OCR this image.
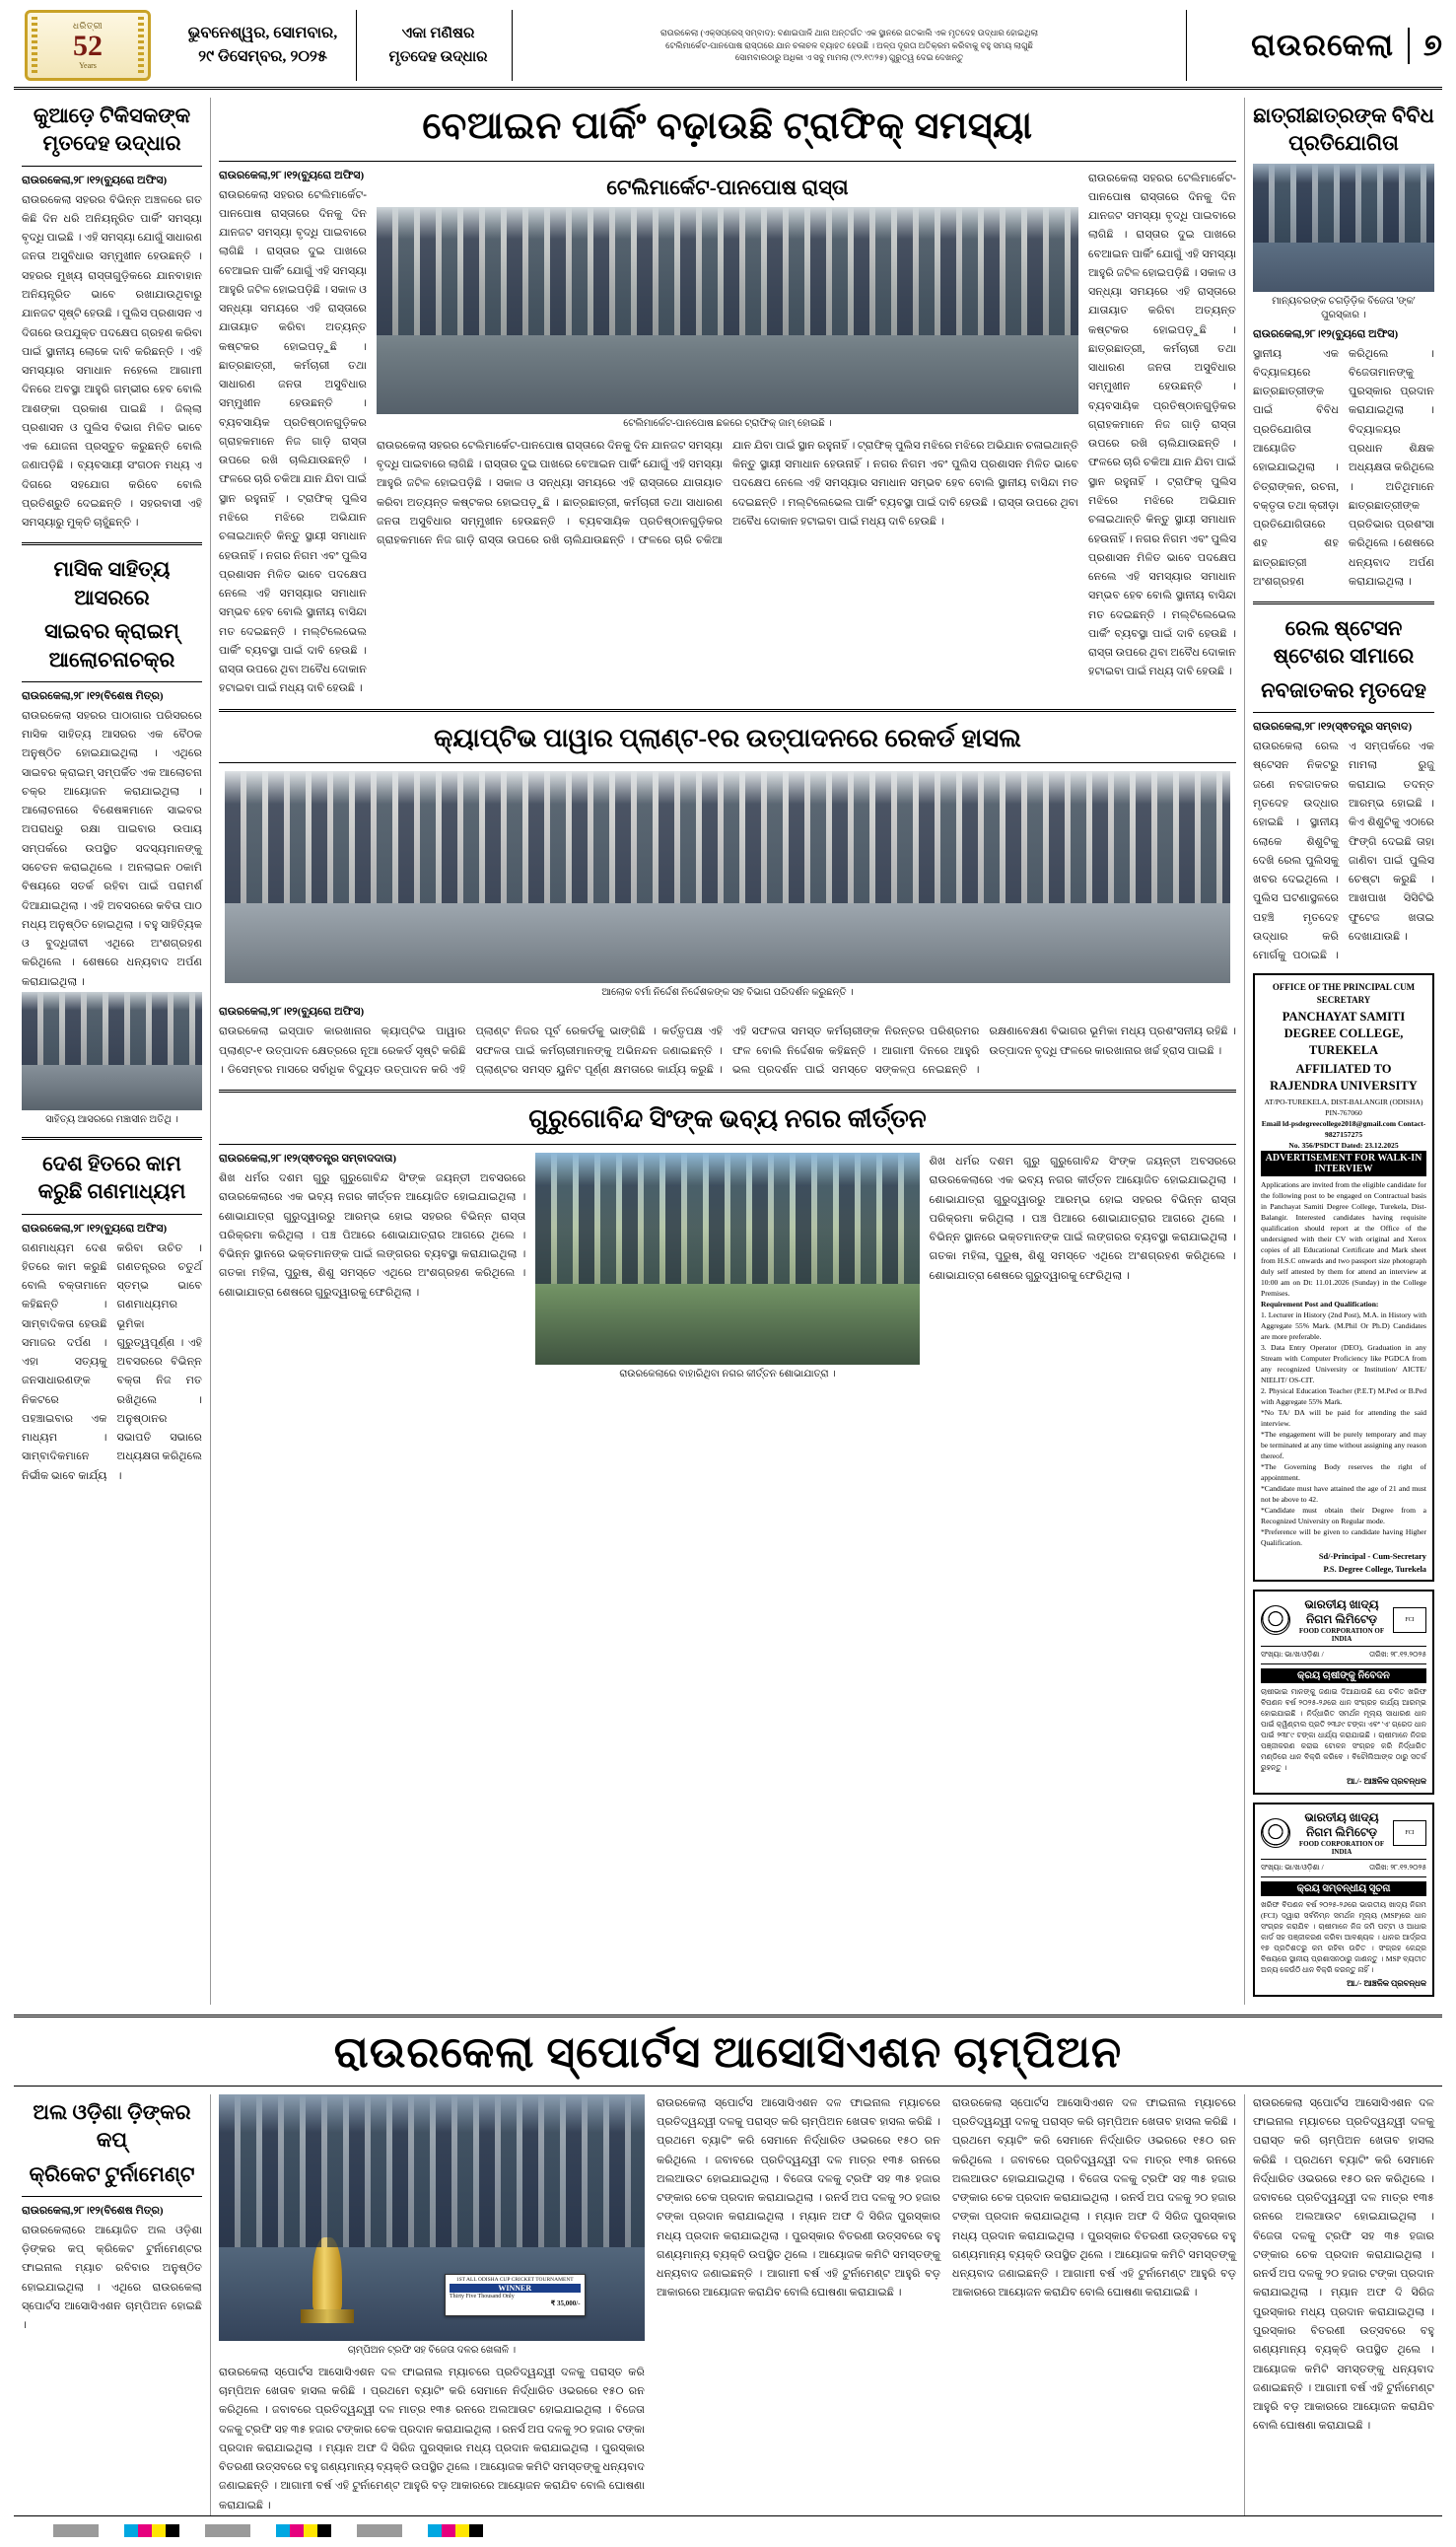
ଧରିତ୍ରୀ
52
Years
ଭୁବନେଶ୍ୱର, ସୋମବାର,
୨୯ ଡିସେମ୍ବର, ୨୦୨୫
ଏକା ମଣିଷର
ମୃତଦେହ ଉଦ୍ଧାର
ରାଉରକେଲା (ଏକ୍ସପ୍ରେସ୍ ସମ୍ବାଦ): ବଣାଇପାଳି ଥାନା ଅନ୍ତର୍ଗତ ଏକ ସ୍ଥାନରେ ଗତକାଲି ଏକ ମୃତଦେହ ଉଦ୍ଧାର ହୋଇଥିଲା
ଟେଲିମାର୍କେଟ-ପାନପୋଷ ରାସ୍ତାରେ ଯାନ ଚଳାଚଳ ବ୍ୟାହତ ହେଉଛି । ଅଳ୍ପ ଦୂରତା ଅତିକ୍ରମ କରିବାକୁ ବହୁ ସମୟ ଲାଗୁଛି
ସୋମବାରଠାରୁ ଅଧିକା ଏ ସବୁ ମାମଲା (୯୨.୧୯/୨୫) ଗୁରୁତ୍ୱ ଦେଇ ଦେଖନ୍ତୁ	ରାଉରକେଲା ୭
କୁଆଡ଼େ ଟିକିସକଙ୍କ ମୃତଦେହ ଉଦ୍ଧାର
ରାଉରକେଲା,୨୮।୧୨(ବ୍ୟୁରୋ ଅଫିସ)
ରାଉରକେଲା ସହରର ବିଭିନ୍ନ ଅଞ୍ଚଳରେ ଗତ କିଛି ଦିନ ଧରି ଅନିୟନ୍ତ୍ରିତ ପାର୍କିଂ ସମସ୍ୟା ବୃଦ୍ଧି ପାଇଛି । ଏହି ସମସ୍ୟା ଯୋଗୁଁ ସାଧାରଣ ଜନତା ଅସୁବିଧାର ସମ୍ମୁଖୀନ ହେଉଛନ୍ତି । ସହରର ମୁଖ୍ୟ ରାସ୍ତାଗୁଡ଼ିକରେ ଯାନବାହାନ ଅନିୟନ୍ତ୍ରିତ ଭାବେ ରଖାଯାଉଥିବାରୁ ଯାନଜଟ ସୃଷ୍ଟି ହେଉଛି । ପୁଲିସ ପ୍ରଶାସନ ଏ ଦିଗରେ ଉପଯୁକ୍ତ ପଦକ୍ଷେପ ଗ୍ରହଣ କରିବା ପାଇଁ ସ୍ଥାନୀୟ ଲୋକେ ଦାବି କରିଛନ୍ତି । ଏହି ସମସ୍ୟାର ସମାଧାନ ନହେଲେ ଆଗାମୀ ଦିନରେ ଅବସ୍ଥା ଆହୁରି ଗମ୍ଭୀର ହେବ ବୋଲି ଆଶଙ୍କା ପ୍ରକାଶ ପାଇଛି । ଜିଲ୍ଲା ପ୍ରଶାସନ ଓ ପୁଲିସ ବିଭାଗ ମିଳିତ ଭାବେ ଏକ ଯୋଜନା ପ୍ରସ୍ତୁତ କରୁଛନ୍ତି ବୋଲି ଜଣାପଡ଼ିଛି । ବ୍ୟବସାୟୀ ସଂଗଠନ ମଧ୍ୟ ଏ ଦିଗରେ ସହଯୋଗ କରିବେ ବୋଲି ପ୍ରତିଶ୍ରୁତି ଦେଇଛନ୍ତି । ସହରବାସୀ ଏହି ସମସ୍ୟାରୁ ମୁକ୍ତି ଚାହୁଁଛନ୍ତି ।
ମାସିକ ସାହିତ୍ୟ ଆସରରେ
ସାଇବର କ୍ରାଇମ୍ ଆଲୋଚନାଚକ୍ର
ରାଉରକେଲା,୨୮।୧୨(ବିଶେଷ ମିତ୍ର)
ରାଉରକେଲା ସହରର ପାଠାଗାର ପରିସରରେ ମାସିକ ସାହିତ୍ୟ ଆସରର ଏକ ବୈଠକ ଅନୁଷ୍ଠିତ ହୋଇଯାଇଥିଲା । ଏଥିରେ ସାଇବର କ୍ରାଇମ୍ ସମ୍ପର୍କିତ ଏକ ଆଲୋଚନା ଚକ୍ର ଆୟୋଜନ କରାଯାଇଥିଲା । ଆଲୋଚନାରେ ବିଶେଷଜ୍ଞମାନେ ସାଇବର ଅପରାଧରୁ ରକ୍ଷା ପାଇବାର ଉପାୟ ସମ୍ପର୍କରେ ଉପସ୍ଥିତ ସଦସ୍ୟମାନଙ୍କୁ ସଚେତନ କରାଇଥିଲେ । ଅନଲାଇନ ଠକାମି ବିଷୟରେ ସତର୍କ ରହିବା ପାଇଁ ପରାମର୍ଶ ଦିଆଯାଇଥିଲା । ଏହି ଅବସରରେ କବିତା ପାଠ ମଧ୍ୟ ଅନୁଷ୍ଠିତ ହୋଇଥିଲା । ବହୁ ସାହିତ୍ୟିକ ଓ ବୁଦ୍ଧିଜୀବୀ ଏଥିରେ ଅଂଶଗ୍ରହଣ କରିଥିଲେ । ଶେଷରେ ଧନ୍ୟବାଦ ଅର୍ପଣ କରାଯାଇଥିଲା ।
ସାହିତ୍ୟ ଆସରରେ ମଞ୍ଚାସୀନ ଅତିଥି ।
ଦେଶ ହିତରେ କାମ କରୁଛି ଗଣମାଧ୍ୟମ
ରାଉରକେଲା,୨୮।୧୨(ବ୍ୟୁରୋ ଅଫିସ)
ଗଣମାଧ୍ୟମ ଦେଶ ହିତରେ କାମ କରୁଛି ବୋଲି ବକ୍ତାମାନେ କହିଛନ୍ତି । ସାମ୍ବାଦିକତା ହେଉଛି ସମାଜର ଦର୍ପଣ । ଏହା ସତ୍ୟକୁ ଜନସାଧାରଣଙ୍କ ନିକଟରେ ପହଞ୍ଚାଇବାର ଏକ ମାଧ୍ୟମ । ସାମ୍ବାଦିକମାନେ ନିର୍ଭୀକ ଭାବେ କାର୍ଯ୍ୟ କରିବା ଉଚିତ । ଗଣତନ୍ତ୍ରର ଚତୁର୍ଥ ସ୍ତମ୍ଭ ଭାବେ ଗଣମାଧ୍ୟମର ଭୂମିକା ଗୁରୁତ୍ୱପୂର୍ଣ୍ଣ । ଏହି ଅବସରରେ ବିଭିନ୍ନ ବକ୍ତା ନିଜ ମତ ରଖିଥିଲେ । ଅନୁଷ୍ଠାନର ସଭାପତି ସଭାରେ ଅଧ୍ୟକ୍ଷତା କରିଥିଲେ ।
ବେଆଇନ ପାର୍କିଂ ବଢ଼ାଉଛି ଟ୍ରାଫିକ୍ ସମସ୍ୟା
ରାଉରକେଲା,୨୮।୧୨(ବ୍ୟୁରୋ ଅଫିସ)
ରାଉରକେଲା ସହରର ଟେଲିମାର୍କେଟ-ପାନପୋଷ ରାସ୍ତାରେ ଦିନକୁ ଦିନ ଯାନଜଟ ସମସ୍ୟା ବୃଦ୍ଧି ପାଇବାରେ ଲାଗିଛି । ରାସ୍ତାର ଦୁଇ ପାଖରେ ବେଆଇନ ପାର୍କିଂ ଯୋଗୁଁ ଏହି ସମସ୍ୟା ଆହୁରି ଜଟିଳ ହୋଇପଡ଼ିଛି । ସକାଳ ଓ ସନ୍ଧ୍ୟା ସମୟରେ ଏହି ରାସ୍ତାରେ ଯାତାୟାତ କରିବା ଅତ୍ୟନ୍ତ କଷ୍ଟକର ହୋଇପଡ଼ୁଛି । ଛାତ୍ରଛାତ୍ରୀ, କର୍ମଚାରୀ ତଥା ସାଧାରଣ ଜନତା ଅସୁବିଧାର ସମ୍ମୁଖୀନ ହେଉଛନ୍ତି । ବ୍ୟବସାୟିକ ପ୍ରତିଷ୍ଠାନଗୁଡ଼ିକର ଗ୍ରାହକମାନେ ନିଜ ଗାଡ଼ି ରାସ୍ତା ଉପରେ ରଖି ଚାଲିଯାଉଛନ୍ତି । ଫଳରେ ଚାରି ଚକିଆ ଯାନ ଯିବା ପାଇଁ ସ୍ଥାନ ରହୁନାହିଁ । ଟ୍ରାଫିକ୍ ପୁଲିସ ମଝିରେ ମଝିରେ ଅଭିଯାନ ଚଳାଇଥାନ୍ତି କିନ୍ତୁ ସ୍ଥାୟୀ ସମାଧାନ ହେଉନାହିଁ । ନଗର ନିଗମ ଏବଂ ପୁଲିସ ପ୍ରଶାସନ ମିଳିତ ଭାବେ ପଦକ୍ଷେପ ନେଲେ ଏହି ସମସ୍ୟାର ସମାଧାନ ସମ୍ଭବ ହେବ ବୋଲି ସ୍ଥାନୀୟ ବାସିନ୍ଦା ମତ ଦେଇଛନ୍ତି । ମଲ୍ଟିଲେଭେଲ ପାର୍କିଂ ବ୍ୟବସ୍ଥା ପାଇଁ ଦାବି ହେଉଛି । ରାସ୍ତା ଉପରେ ଥିବା ଅବୈଧ ଦୋକାନ ହଟାଇବା ପାଇଁ ମଧ୍ୟ ଦାବି ହେଉଛି ।
ଟେଲିମାର୍କେଟ-ପାନପୋଷ ରାସ୍ତା
ଟେଲିମାର୍କେଟ-ପାନପୋଷ ଛକରେ ଟ୍ରାଫିକ୍ ଜାମ୍ ହୋଇଛି ।
ରାଉରକେଲା ସହରର ଟେଲିମାର୍କେଟ-ପାନପୋଷ ରାସ୍ତାରେ ଦିନକୁ ଦିନ ଯାନଜଟ ସମସ୍ୟା ବୃଦ୍ଧି ପାଇବାରେ ଲାଗିଛି । ରାସ୍ତାର ଦୁଇ ପାଖରେ ବେଆଇନ ପାର୍କିଂ ଯୋଗୁଁ ଏହି ସମସ୍ୟା ଆହୁରି ଜଟିଳ ହୋଇପଡ଼ିଛି । ସକାଳ ଓ ସନ୍ଧ୍ୟା ସମୟରେ ଏହି ରାସ୍ତାରେ ଯାତାୟାତ କରିବା ଅତ୍ୟନ୍ତ କଷ୍ଟକର ହୋଇପଡ଼ୁଛି । ଛାତ୍ରଛାତ୍ରୀ, କର୍ମଚାରୀ ତଥା ସାଧାରଣ ଜନତା ଅସୁବିଧାର ସମ୍ମୁଖୀନ ହେଉଛନ୍ତି । ବ୍ୟବସାୟିକ ପ୍ରତିଷ୍ଠାନଗୁଡ଼ିକର ଗ୍ରାହକମାନେ ନିଜ ଗାଡ଼ି ରାସ୍ତା ଉପରେ ରଖି ଚାଲିଯାଉଛନ୍ତି । ଫଳରେ ଚାରି ଚକିଆ ଯାନ ଯିବା ପାଇଁ ସ୍ଥାନ ରହୁନାହିଁ । ଟ୍ରାଫିକ୍ ପୁଲିସ ମଝିରେ ମଝିରେ ଅଭିଯାନ ଚଳାଇଥାନ୍ତି କିନ୍ତୁ ସ୍ଥାୟୀ ସମାଧାନ ହେଉନାହିଁ । ନଗର ନିଗମ ଏବଂ ପୁଲିସ ପ୍ରଶାସନ ମିଳିତ ଭାବେ ପଦକ୍ଷେପ ନେଲେ ଏହି ସମସ୍ୟାର ସମାଧାନ ସମ୍ଭବ ହେବ ବୋଲି ସ୍ଥାନୀୟ ବାସିନ୍ଦା ମତ ଦେଇଛନ୍ତି । ମଲ୍ଟିଲେଭେଲ ପାର୍କିଂ ବ୍ୟବସ୍ଥା ପାଇଁ ଦାବି ହେଉଛି । ରାସ୍ତା ଉପରେ ଥିବା ଅବୈଧ ଦୋକାନ ହଟାଇବା ପାଇଁ ମଧ୍ୟ ଦାବି ହେଉଛି ।
ରାଉରକେଲା ସହରର ଟେଲିମାର୍କେଟ-ପାନପୋଷ ରାସ୍ତାରେ ଦିନକୁ ଦିନ ଯାନଜଟ ସମସ୍ୟା ବୃଦ୍ଧି ପାଇବାରେ ଲାଗିଛି । ରାସ୍ତାର ଦୁଇ ପାଖରେ ବେଆଇନ ପାର୍କିଂ ଯୋଗୁଁ ଏହି ସମସ୍ୟା ଆହୁରି ଜଟିଳ ହୋଇପଡ଼ିଛି । ସକାଳ ଓ ସନ୍ଧ୍ୟା ସମୟରେ ଏହି ରାସ୍ତାରେ ଯାତାୟାତ କରିବା ଅତ୍ୟନ୍ତ କଷ୍ଟକର ହୋଇପଡ଼ୁଛି । ଛାତ୍ରଛାତ୍ରୀ, କର୍ମଚାରୀ ତଥା ସାଧାରଣ ଜନତା ଅସୁବିଧାର ସମ୍ମୁଖୀନ ହେଉଛନ୍ତି । ବ୍ୟବସାୟିକ ପ୍ରତିଷ୍ଠାନଗୁଡ଼ିକର ଗ୍ରାହକମାନେ ନିଜ ଗାଡ଼ି ରାସ୍ତା ଉପରେ ରଖି ଚାଲିଯାଉଛନ୍ତି । ଫଳରେ ଚାରି ଚକିଆ ଯାନ ଯିବା ପାଇଁ ସ୍ଥାନ ରହୁନାହିଁ । ଟ୍ରାଫିକ୍ ପୁଲିସ ମଝିରେ ମଝିରେ ଅଭିଯାନ ଚଳାଇଥାନ୍ତି କିନ୍ତୁ ସ୍ଥାୟୀ ସମାଧାନ ହେଉନାହିଁ । ନଗର ନିଗମ ଏବଂ ପୁଲିସ ପ୍ରଶାସନ ମିଳିତ ଭାବେ ପଦକ୍ଷେପ ନେଲେ ଏହି ସମସ୍ୟାର ସମାଧାନ ସମ୍ଭବ ହେବ ବୋଲି ସ୍ଥାନୀୟ ବାସିନ୍ଦା ମତ ଦେଇଛନ୍ତି । ମଲ୍ଟିଲେଭେଲ ପାର୍କିଂ ବ୍ୟବସ୍ଥା ପାଇଁ ଦାବି ହେଉଛି । ରାସ୍ତା ଉପରେ ଥିବା ଅବୈଧ ଦୋକାନ ହଟାଇବା ପାଇଁ ମଧ୍ୟ ଦାବି ହେଉଛି ।
କ୍ୟାପ୍ଟିଭ ପାୱାର ପ୍ଲାଣ୍ଟ-୧ର ଉତ୍ପାଦନରେ ରେକର୍ଡ ହାସଲ
ଆଲୋକ ବର୍ମା ନିର୍ଦ୍ଦେଶ ନିର୍ଦ୍ଦେଶକଙ୍କ ସହ ବିଭାଗ ପରିଦର୍ଶନ କରୁଛନ୍ତି ।
ରାଉରକେଲା,୨୮।୧୨(ବ୍ୟୁରୋ ଅଫିସ)
ରାଉରକେଲା ଇସ୍ପାତ କାରଖାନାର କ୍ୟାପ୍ଟିଭ ପାୱାର ପ୍ଲାଣ୍ଟ-୧ ଉତ୍ପାଦନ କ୍ଷେତ୍ରରେ ନୂଆ ରେକର୍ଡ ସୃଷ୍ଟି କରିଛି । ଡିସେମ୍ବର ମାସରେ ସର୍ବାଧିକ ବିଦ୍ୟୁତ ଉତ୍ପାଦନ କରି ଏହି ପ୍ଲାଣ୍ଟ ନିଜର ପୂର୍ବ ରେକର୍ଡକୁ ଭାଙ୍ଗିଛି । କର୍ତ୍ତୃପକ୍ଷ ଏହି ସଫଳତା ପାଇଁ କର୍ମଚାରୀମାନଙ୍କୁ ଅଭିନନ୍ଦନ ଜଣାଇଛନ୍ତି । ପ୍ଲାଣ୍ଟର ସମସ୍ତ ୟୁନିଟ ପୂର୍ଣ୍ଣ କ୍ଷମତାରେ କାର୍ଯ୍ୟ କରୁଛି । ଏହି ସଫଳତା ସମସ୍ତ କର୍ମଚାରୀଙ୍କ ନିରନ୍ତର ପରିଶ୍ରମର ଫଳ ବୋଲି ନିର୍ଦ୍ଦେଶକ କହିଛନ୍ତି । ଆଗାମୀ ଦିନରେ ଆହୁରି ଭଲ ପ୍ରଦର୍ଶନ ପାଇଁ ସମସ୍ତେ ସଙ୍କଳ୍ପ ନେଇଛନ୍ତି । ରକ୍ଷଣାବେକ୍ଷଣ ବିଭାଗର ଭୂମିକା ମଧ୍ୟ ପ୍ରଶଂସନୀୟ ରହିଛି । ଉତ୍ପାଦନ ବୃଦ୍ଧି ଫଳରେ କାରଖାନାର ଖର୍ଚ୍ଚ ହ୍ରାସ ପାଇଛି ।
ଗୁରୁଗୋବିନ୍ଦ ସିଂଙ୍କ ଭବ୍ୟ ନଗର କୀର୍ତ୍ତନ
ରାଉରକେଲା,୨୮।୧୨(ସ୍ଵତନ୍ତ୍ର ସମ୍ବାଦଦାତା)
ଶିଖ ଧର୍ମର ଦଶମ ଗୁରୁ ଗୁରୁଗୋବିନ୍ଦ ସିଂଙ୍କ ଜୟନ୍ତୀ ଅବସରରେ ରାଉରକେଲାରେ ଏକ ଭବ୍ୟ ନଗର କୀର୍ତ୍ତନ ଆୟୋଜିତ ହୋଇଯାଇଥିଲା । ଶୋଭାଯାତ୍ରା ଗୁରୁଦ୍ୱାରରୁ ଆରମ୍ଭ ହୋଇ ସହରର ବିଭିନ୍ନ ରାସ୍ତା ପରିକ୍ରମା କରିଥିଲା । ପଞ୍ଚ ପିଆରେ ଶୋଭାଯାତ୍ରାର ଆଗରେ ଥିଲେ । ବିଭିନ୍ନ ସ୍ଥାନରେ ଭକ୍ତମାନଙ୍କ ପାଇଁ ଲଙ୍ଗରର ବ୍ୟବସ୍ଥା କରାଯାଇଥିଲା । ଗତକା ମହିଳା, ପୁରୁଷ, ଶିଶୁ ସମସ୍ତେ ଏଥିରେ ଅଂଶଗ୍ରହଣ କରିଥିଲେ । ଶୋଭାଯାତ୍ରା ଶେଷରେ ଗୁରୁଦ୍ୱାରକୁ ଫେରିଥିଲା ।
ରାଉରକେଲାରେ ବାହାରିଥିବା ନଗର କୀର୍ତ୍ତନ ଶୋଭାଯାତ୍ରା ।
ଶିଖ ଧର୍ମର ଦଶମ ଗୁରୁ ଗୁରୁଗୋବିନ୍ଦ ସିଂଙ୍କ ଜୟନ୍ତୀ ଅବସରରେ ରାଉରକେଲାରେ ଏକ ଭବ୍ୟ ନଗର କୀର୍ତ୍ତନ ଆୟୋଜିତ ହୋଇଯାଇଥିଲା । ଶୋଭାଯାତ୍ରା ଗୁରୁଦ୍ୱାରରୁ ଆରମ୍ଭ ହୋଇ ସହରର ବିଭିନ୍ନ ରାସ୍ତା ପରିକ୍ରମା କରିଥିଲା । ପଞ୍ଚ ପିଆରେ ଶୋଭାଯାତ୍ରାର ଆଗରେ ଥିଲେ । ବିଭିନ୍ନ ସ୍ଥାନରେ ଭକ୍ତମାନଙ୍କ ପାଇଁ ଲଙ୍ଗରର ବ୍ୟବସ୍ଥା କରାଯାଇଥିଲା । ଗତକା ମହିଳା, ପୁରୁଷ, ଶିଶୁ ସମସ୍ତେ ଏଥିରେ ଅଂଶଗ୍ରହଣ କରିଥିଲେ । ଶୋଭାଯାତ୍ରା ଶେଷରେ ଗୁରୁଦ୍ୱାରକୁ ଫେରିଥିଲା ।
ଛାତ୍ରୀଛାତ୍ରଙ୍କ ବିବିଧ ପ୍ରତିଯୋଗିତା
ମାନ୍ୟବରଙ୍କ ଚଗଡ଼ିଡ଼ିକ ବିଜେତା 'ଙ୍କ' ପୁରସ୍କାର ।
ରାଉରକେଲା,୨୮।୧୨(ବ୍ୟୁରୋ ଅଫିସ)
ସ୍ଥାନୀୟ ଏକ ବିଦ୍ୟାଳୟରେ ଛାତ୍ରଛାତ୍ରୀଙ୍କ ପାଇଁ ବିବିଧ ପ୍ରତିଯୋଗିତା ଆୟୋଜିତ ହୋଇଯାଇଥିଲା । ଚିତ୍ରାଙ୍କନ, ରଚନା, ବକ୍ତୃତା ତଥା କ୍ରୀଡ଼ା ପ୍ରତିଯୋଗିତାରେ ଶହ ଶହ ଛାତ୍ରଛାତ୍ରୀ ଅଂଶଗ୍ରହଣ କରିଥିଲେ । ବିଜେତାମାନଙ୍କୁ ପୁରସ୍କାର ପ୍ରଦାନ କରାଯାଇଥିଲା । ବିଦ୍ୟାଳୟର ପ୍ରଧାନ ଶିକ୍ଷକ ଅଧ୍ୟକ୍ଷତା କରିଥିଲେ । ଅତିଥିମାନେ ଛାତ୍ରଛାତ୍ରୀଙ୍କ ପ୍ରତିଭାର ପ୍ରଶଂସା କରିଥିଲେ । ଶେଷରେ ଧନ୍ୟବାଦ ଅର୍ପଣ କରାଯାଇଥିଲା ।
ରେଲ ଷ୍ଟେସନ ଷ୍ଟେଶର ସୀମାରେ
ନବଜାତକର ମୃତଦେହ
ରାଉରକେଲା,୨୮।୧୨(ସ୍ଵତନ୍ତ୍ର ସମ୍ବାଦ)
ରାଉରକେଲା ରେଲ ଷ୍ଟେସନ ନିକଟରୁ ଜଣେ ନବଜାତକର ମୃତଦେହ ଉଦ୍ଧାର ହୋଇଛି । ସ୍ଥାନୀୟ ଲୋକେ ଶିଶୁଟିକୁ ଦେଖି ରେଲ ପୁଲିସକୁ ଖବର ଦେଇଥିଲେ । ପୁଲିସ ଘଟଣାସ୍ଥଳରେ ପହଞ୍ଚି ମୃତଦେହ ଉଦ୍ଧାର କରି ମୋର୍ଗକୁ ପଠାଇଛି । ଏ ସମ୍ପର୍କରେ ଏକ ମାମଲା ରୁଜୁ କରାଯାଇ ତଦନ୍ତ ଆରମ୍ଭ ହୋଇଛି । କିଏ ଶିଶୁଟିକୁ ଏଠାରେ ଫିଙ୍ଗି ଦେଇଛି ତାହା ଜାଣିବା ପାଇଁ ପୁଲିସ ଚେଷ୍ଟା କରୁଛି । ଆଖପାଖ ସିସିଟିଭି ଫୁଟେଜ ଖତାଇ ଦେଖାଯାଉଛି ।
OFFICE OF THE PRINCIPAL CUM SECRETARY
PANCHAYAT SAMITI DEGREE COLLEGE, TUREKELA
AFFILIATED TO RAJENDRA UNIVERSITY
AT/PO-TUREKELA, DIST-BALANGIR (ODISHA) PIN-767060
Email ld-psdegreecollege2018@gmail.com Contact-9827157275
No. 356/PSDCT Dated: 23.12.2025
ADVERTISEMENT FOR WALK-IN INTERVIEW
Applications are invited from the eligible candidate for the following post to be engaged on Contractual basis in Panchayat Samiti Degree College, Turekela, Dist-Balangir. Interested candidates having requisite qualification should report at the Office of the undersigned with their CV with original and Xerox copies of all Educational Certificate and Mark sheet from H.S.C onwards and two passport size photograph duly self attested by them for attend an interview at 10:00 am on Dt: 11.01.2026 (Sunday) in the College Premises.
Requirement Post and Qualification:
1. Lecturer in History (2nd Post), M.A. in History with Aggregate 55% Mark. (M.Phil Or Ph.D) Candidates are more preferable.
3. Data Entry Operator (DEO), Graduation in any Stream with Computer Proficiency like PGDCA from any recognized University or Institution/ AICTE/ NIELIT/ OS-CIT.
2. Physical Education Teacher (P.E.T) M.Ped or B.Ped with Aggregate 55% Mark.
*No TA/ DA will be paid for attending the said interview.
*The engagement will be purely temporary and may be terminated at any time without assigning any reason thereof.
*The Governing Body reserves the right of appointment.
*Candidate must have attained the age of 21 and must not be above to 42.
*Candidate must obtain their Degree from a Recognized University on Regular mode.
*Preference will be given to candidate having Higher Qualification.
Sd/-Principal - Cum-Secretary
P.S. Degree College, Turekela
ଭାରତୀୟ ଖାଦ୍ୟ ନିଗମ ଲିମିଟେଡ଼
FOOD CORPORATION OF INDIA
FCI
ସଂଖ୍ୟା: ଭା/ଖ/ଓଡ଼ିଶା /	ତାରିଖ: ୨୮.୧୨.୨୦୨୫
କ୍ରୟ ଚାଷୀଙ୍କୁ ନିବେଦନ
ଚାଷୀଭାଇ ମାନଙ୍କୁ ଜଣାଇ ଦିଆଯାଉଛି ଯେ ଚଳିତ ଖରିଫ ବିପଣନ ବର୍ଷ ୨୦୨୫-୨୬ରେ ଧାନ ସଂଗ୍ରହ କାର୍ଯ୍ୟ ଆରମ୍ଭ ହୋଇଯାଇଛି । ନିର୍ଦ୍ଧାରିତ ସମର୍ଥନ ମୂଲ୍ୟ ସାଧାରଣ ଧାନ ପାଇଁ କ୍ୱିଣ୍ଟାଲ ପ୍ରତି ୨୩୬୯ ଟଙ୍କା ଏବଂ 'ଏ' ଗ୍ରେଡ ଧାନ ପାଇଁ ୨୩୮୯ ଟଙ୍କା ଧାର୍ଯ୍ୟ କରାଯାଇଛି । ଚାଷୀମାନେ ନିଜର ପଞ୍ଜୀକରଣ କରାଇ ଟୋକନ ସଂଗ୍ରହ କରି ନିର୍ଦ୍ଧାରିତ ମଣ୍ଡିରେ ଧାନ ବିକ୍ରି କରିବେ । ବିଚୌଲିଆଙ୍କ ଠାରୁ ସତର୍କ ରୁହନ୍ତୁ ।
ଆ./- ଆଞ୍ଚଳିକ ପ୍ରବନ୍ଧକ
ଭାରତୀୟ ଖାଦ୍ୟ ନିଗମ ଲିମିଟେଡ଼
FOOD CORPORATION OF INDIA
FCI
ସଂଖ୍ୟା: ଭା/ଖ/ଓଡ଼ିଶା /	ତାରିଖ: ୨୮.୧୨.୨୦୨୫
କ୍ରୟ ସମ୍ବନ୍ଧୀୟ ସୂଚନା
ଖରିଫ ବିପଣନ ବର୍ଷ ୨୦୨୫-୨୬ରେ ଭାରତୀୟ ଖାଦ୍ୟ ନିଗମ (FCI) ଦ୍ୱାରା ସର୍ବନିମ୍ନ ସମର୍ଥନ ମୂଲ୍ୟ (MSP)ରେ ଧାନ ସଂଗ୍ରହ କରାଯିବ । ଚାଷୀମାନେ ନିଜ ଜମି ପଟ୍ଟା ଓ ଆଧାର କାର୍ଡ ସହ ପଞ୍ଜୀକରଣ କରିବା ଆବଶ୍ୟକ । ଧାନର ଆର୍ଦ୍ରତା ୧୭ ପ୍ରତିଶତରୁ କମ ରହିବା ଉଚିତ । ସଂଗ୍ରହ କେନ୍ଦ୍ର ବିଷୟରେ ସ୍ଥାନୀୟ ପ୍ରଶାସନଠାରୁ ଜାଣନ୍ତୁ । MSP ବ୍ୟତୀତ ଅନ୍ୟ କେଉଁଠି ଧାନ ବିକ୍ରି କରନ୍ତୁ ନାହିଁ ।
ଆ./- ଆଞ୍ଚଳିକ ପ୍ରବନ୍ଧକ
ରାଉରକେଲା ସ୍ପୋର୍ଟସ ଆସୋସିଏଶନ ଚାମ୍ପିଅନ
ଅଲ ଓଡ଼ିଶା ଡ଼ିଙ୍କର କପ୍
କ୍ରିକେଟ ଟୁର୍ନାମେଣ୍ଟ
ରାଉରକେଲା,୨୮।୧୨(ବିଶେଷ ମିତ୍ର)
ରାଉରକେଲାରେ ଆୟୋଜିତ ଅଲ ଓଡ଼ିଶା ଡ଼ିଙ୍କର କପ୍ କ୍ରିକେଟ ଟୁର୍ନାମେଣ୍ଟର ଫାଇନାଲ ମ୍ୟାଚ ରବିବାର ଅନୁଷ୍ଠିତ ହୋଇଯାଇଥିଲା । ଏଥିରେ ରାଉରକେଲା ସ୍ପୋର୍ଟସ ଆସୋସିଏଶନ ଚାମ୍ପିଅନ ହୋଇଛି ।
1ST ALL ODISHA CUP CRICKET TOURNAMENT
WINNER
Thirty Five Thousand Only
₹ 35,000/-
ଚାମ୍ପିଅନ ଟ୍ରଫି ସହ ବିଜେତା ଦଳର ଖେଳାଳି ।
ରାଉରକେଲା ସ୍ପୋର୍ଟସ ଆସୋସିଏଶନ ଦଳ ଫାଇନାଲ ମ୍ୟାଚରେ ପ୍ରତିଦ୍ୱନ୍ଦ୍ୱୀ ଦଳକୁ ପରାସ୍ତ କରି ଚାମ୍ପିଅନ ଖେତାବ ହାସଲ କରିଛି । ପ୍ରଥମେ ବ୍ୟାଟିଂ କରି ସେମାନେ ନିର୍ଦ୍ଧାରିତ ଓଭରରେ ୧୫୦ ରନ କରିଥିଲେ । ଜବାବରେ ପ୍ରତିଦ୍ୱନ୍ଦ୍ୱୀ ଦଳ ମାତ୍ର ୧୩୫ ରନରେ ଅଲଆଉଟ ହୋଇଯାଇଥିଲା । ବିଜେତା ଦଳକୁ ଟ୍ରଫି ସହ ୩୫ ହଜାର ଟଙ୍କାର ଚେକ ପ୍ରଦାନ କରାଯାଇଥିଲା । ରନର୍ସ ଅପ ଦଳକୁ ୨୦ ହଜାର ଟଙ୍କା ପ୍ରଦାନ କରାଯାଇଥିଲା । ମ୍ୟାନ ଅଫ ଦି ସିରିଜ ପୁରସ୍କାର ମଧ୍ୟ ପ୍ରଦାନ କରାଯାଇଥିଲା । ପୁରସ୍କାର ବିତରଣୀ ଉତ୍ସବରେ ବହୁ ଗଣ୍ୟମାନ୍ୟ ବ୍ୟକ୍ତି ଉପସ୍ଥିତ ଥିଲେ । ଆୟୋଜକ କମିଟି ସମସ୍ତଙ୍କୁ ଧନ୍ୟବାଦ ଜଣାଇଛନ୍ତି । ଆଗାମୀ ବର୍ଷ ଏହି ଟୁର୍ନାମେଣ୍ଟ ଆହୁରି ବଡ଼ ଆକାରରେ ଆୟୋଜନ କରାଯିବ ବୋଲି ଘୋଷଣା କରାଯାଇଛି ।
ରାଉରକେଲା ସ୍ପୋର୍ଟସ ଆସୋସିଏଶନ ଦଳ ଫାଇନାଲ ମ୍ୟାଚରେ ପ୍ରତିଦ୍ୱନ୍ଦ୍ୱୀ ଦଳକୁ ପରାସ୍ତ କରି ଚାମ୍ପିଅନ ଖେତାବ ହାସଲ କରିଛି । ପ୍ରଥମେ ବ୍ୟାଟିଂ କରି ସେମାନେ ନିର୍ଦ୍ଧାରିତ ଓଭରରେ ୧୫୦ ରନ କରିଥିଲେ । ଜବାବରେ ପ୍ରତିଦ୍ୱନ୍ଦ୍ୱୀ ଦଳ ମାତ୍ର ୧୩୫ ରନରେ ଅଲଆଉଟ ହୋଇଯାଇଥିଲା । ବିଜେତା ଦଳକୁ ଟ୍ରଫି ସହ ୩୫ ହଜାର ଟଙ୍କାର ଚେକ ପ୍ରଦାନ କରାଯାଇଥିଲା । ରନର୍ସ ଅପ ଦଳକୁ ୨୦ ହଜାର ଟଙ୍କା ପ୍ରଦାନ କରାଯାଇଥିଲା । ମ୍ୟାନ ଅଫ ଦି ସିରିଜ ପୁରସ୍କାର ମଧ୍ୟ ପ୍ରଦାନ କରାଯାଇଥିଲା । ପୁରସ୍କାର ବିତରଣୀ ଉତ୍ସବରେ ବହୁ ଗଣ୍ୟମାନ୍ୟ ବ୍ୟକ୍ତି ଉପସ୍ଥିତ ଥିଲେ । ଆୟୋଜକ କମିଟି ସମସ୍ତଙ୍କୁ ଧନ୍ୟବାଦ ଜଣାଇଛନ୍ତି । ଆଗାମୀ ବର୍ଷ ଏହି ଟୁର୍ନାମେଣ୍ଟ ଆହୁରି ବଡ଼ ଆକାରରେ ଆୟୋଜନ କରାଯିବ ବୋଲି ଘୋଷଣା କରାଯାଇଛି ।
ରାଉରକେଲା ସ୍ପୋର୍ଟସ ଆସୋସିଏଶନ ଦଳ ଫାଇନାଲ ମ୍ୟାଚରେ ପ୍ରତିଦ୍ୱନ୍ଦ୍ୱୀ ଦଳକୁ ପରାସ୍ତ କରି ଚାମ୍ପିଅନ ଖେତାବ ହାସଲ କରିଛି । ପ୍ରଥମେ ବ୍ୟାଟିଂ କରି ସେମାନେ ନିର୍ଦ୍ଧାରିତ ଓଭରରେ ୧୫୦ ରନ କରିଥିଲେ । ଜବାବରେ ପ୍ରତିଦ୍ୱନ୍ଦ୍ୱୀ ଦଳ ମାତ୍ର ୧୩୫ ରନରେ ଅଲଆଉଟ ହୋଇଯାଇଥିଲା । ବିଜେତା ଦଳକୁ ଟ୍ରଫି ସହ ୩୫ ହଜାର ଟଙ୍କାର ଚେକ ପ୍ରଦାନ କରାଯାଇଥିଲା । ରନର୍ସ ଅପ ଦଳକୁ ୨୦ ହଜାର ଟଙ୍କା ପ୍ରଦାନ କରାଯାଇଥିଲା । ମ୍ୟାନ ଅଫ ଦି ସିରିଜ ପୁରସ୍କାର ମଧ୍ୟ ପ୍ରଦାନ କରାଯାଇଥିଲା । ପୁରସ୍କାର ବିତରଣୀ ଉତ୍ସବରେ ବହୁ ଗଣ୍ୟମାନ୍ୟ ବ୍ୟକ୍ତି ଉପସ୍ଥିତ ଥିଲେ । ଆୟୋଜକ କମିଟି ସମସ୍ତଙ୍କୁ ଧନ୍ୟବାଦ ଜଣାଇଛନ୍ତି । ଆଗାମୀ ବର୍ଷ ଏହି ଟୁର୍ନାମେଣ୍ଟ ଆହୁରି ବଡ଼ ଆକାରରେ ଆୟୋଜନ କରାଯିବ ବୋଲି ଘୋଷଣା କରାଯାଇଛି ।
ରାଉରକେଲା ସ୍ପୋର୍ଟସ ଆସୋସିଏଶନ ଦଳ ଫାଇନାଲ ମ୍ୟାଚରେ ପ୍ରତିଦ୍ୱନ୍ଦ୍ୱୀ ଦଳକୁ ପରାସ୍ତ କରି ଚାମ୍ପିଅନ ଖେତାବ ହାସଲ କରିଛି । ପ୍ରଥମେ ବ୍ୟାଟିଂ କରି ସେମାନେ ନିର୍ଦ୍ଧାରିତ ଓଭରରେ ୧୫୦ ରନ କରିଥିଲେ । ଜବାବରେ ପ୍ରତିଦ୍ୱନ୍ଦ୍ୱୀ ଦଳ ମାତ୍ର ୧୩୫ ରନରେ ଅଲଆଉଟ ହୋଇଯାଇଥିଲା । ବିଜେତା ଦଳକୁ ଟ୍ରଫି ସହ ୩୫ ହଜାର ଟଙ୍କାର ଚେକ ପ୍ରଦାନ କରାଯାଇଥିଲା । ରନର୍ସ ଅପ ଦଳକୁ ୨୦ ହଜାର ଟଙ୍କା ପ୍ରଦାନ କରାଯାଇଥିଲା । ମ୍ୟାନ ଅଫ ଦି ସିରିଜ ପୁରସ୍କାର ମଧ୍ୟ ପ୍ରଦାନ କରାଯାଇଥିଲା । ପୁରସ୍କାର ବିତରଣୀ ଉତ୍ସବରେ ବହୁ ଗଣ୍ୟମାନ୍ୟ ବ୍ୟକ୍ତି ଉପସ୍ଥିତ ଥିଲେ । ଆୟୋଜକ କମିଟି ସମସ୍ତଙ୍କୁ ଧନ୍ୟବାଦ ଜଣାଇଛନ୍ତି । ଆଗାମୀ ବର୍ଷ ଏହି ଟୁର୍ନାମେଣ୍ଟ ଆହୁରି ବଡ଼ ଆକାରରେ ଆୟୋଜନ କରାଯିବ ବୋଲି ଘୋଷଣା କରାଯାଇଛି ।
